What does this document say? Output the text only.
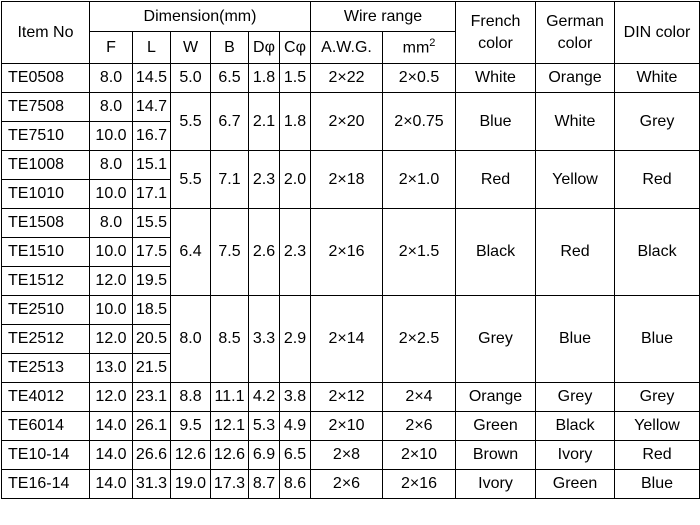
Item No	Dimension(mm)						Wire range		French color	German color	DIN color
	F	L	W	B	Dφ	Cφ	A.W.G.	$mm^2$
TE0508	8.0	14.5	5.0	6.5	1.8	1.5	2×22	2×0.5	White	Orange	White
TE7508	8.0	14.7	5.5	6.7	2.1	1.8	2×20	2×0.75	Blue	White	Grey
TE7510	10.0	16.7									
TE1008	8.0	15.1	5.5	7.1	2.3	2.0	2×18	2×1.0	Red	Yellow	Red
TE1010	10.0	17.1									
TE1508	8.0	15.5	6.4	7.5	2.6	2.3	2×16	2×1.5	Black	Red	Black
TE1510	10.0	17.5									
TE1512	12.0	19.5									
TE2510	10.0	18.5	8.0	8.5	3.3	2.9	2×14	2×2.5	Grey	Blue	Blue
TE2512	12.0	20.5									
TE2513	13.0	21.5									
TE4012	12.0	23.1	8.8	11.1	4.2	3.8	2×12	2×4	Orange	Grey	Grey
TE6014	14.0	26.1	9.5	12.1	5.3	4.9	2×10	2×6	Green	Black	Yellow
TE10-14	14.0	26.6	12.6	12.6	6.9	6.5	2×8	2×10	Brown	Ivory	Red
TE16-14	14.0	31.3	19.0	17.3	8.7	8.6	2×6	2×16	Ivory	Green	Blue
